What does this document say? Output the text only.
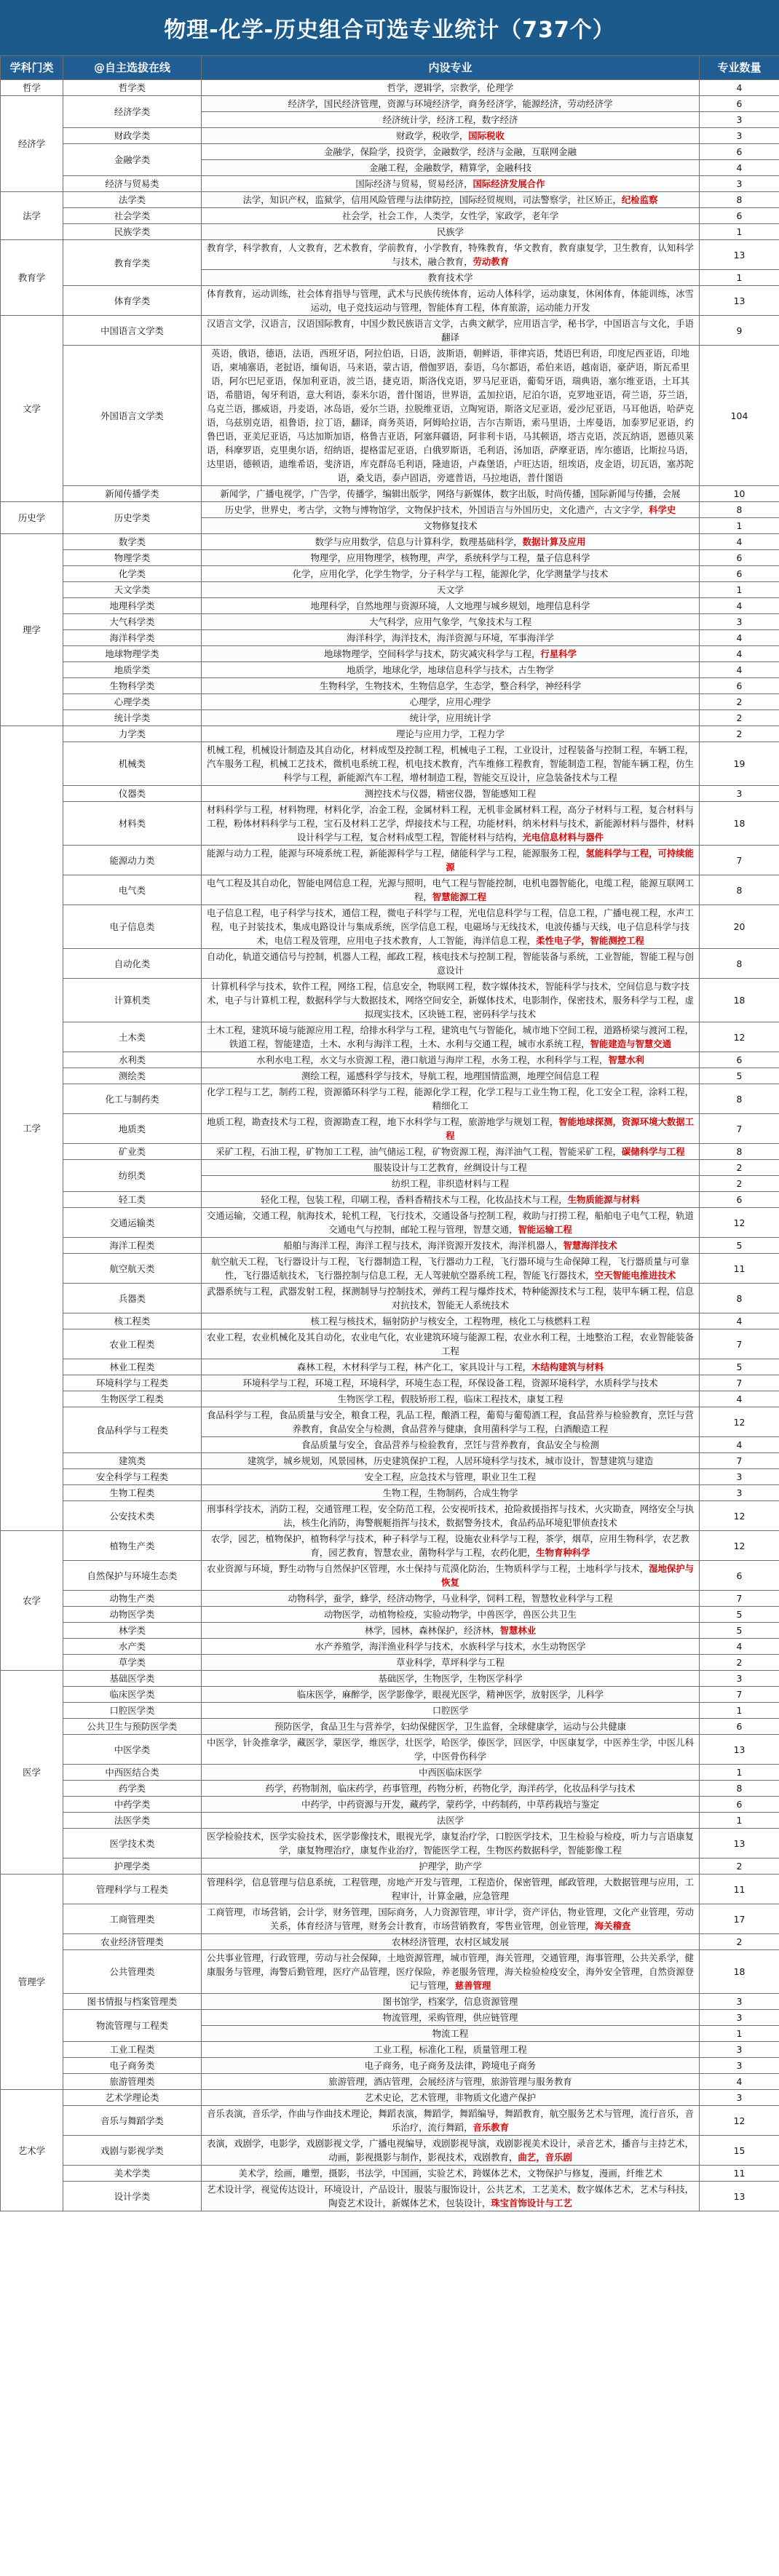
物理-化学-历史组合可选专业统计（737个）
学科门类	@自主选拔在线	内设专业	专业数量
哲学	哲学类	哲学，逻辑学，宗教学，伦理学	4
经济学	经济学类	经济学，国民经济管理，资源与环境经济学，商务经济学，能源经济，劳动经济学	6
		经济统计学，经济工程，数字经济	3
	财政学类	财政学，税收学，国际税收	3
	金融学类	金融学，保险学，投资学，金融数学，经济与金融，互联网金融	6
		金融工程，金融数学，精算学，金融科技	4
	经济与贸易类	国际经济与贸易，贸易经济，国际经济发展合作	3
法学	法学类	法学，知识产权，监狱学，信用风险管理与法律防控，国际经贸规则，司法警察学，社区矫正，纪检监察	8
	社会学类	社会学，社会工作，人类学，女性学，家政学，老年学	6
	民族学类	民族学	1
教育学	教育学类	教育学，科学教育，人文教育，艺术教育，学前教育，小学教育，特殊教育，华文教育，教育康复学，卫生教育，认知科学与技术，融合教育，劳动教育	13
		教育技术学	1
	体育学类	体育教育，运动训练，社会体育指导与管理，武术与民族传统体育，运动人体科学，运动康复，休闲体育，体能训练，冰雪运动，电子竞技运动与管理，智能体育工程，体育旅游，运动能力开发	13
文学	中国语言文学类	汉语言文学，汉语言，汉语国际教育，中国少数民族语言文学，古典文献学，应用语言学，秘书学，中国语言与文化，手语翻译	9
	外国语言文学类	英语，俄语，德语，法语，西班牙语，阿拉伯语，日语，波斯语，朝鲜语，菲律宾语，梵语巴利语，印度尼西亚语，印地语，柬埔寨语，老挝语，缅甸语，马来语，蒙古语，僧伽罗语，泰语，乌尔都语，希伯来语，越南语，豪萨语，斯瓦希里语，阿尔巴尼亚语，保加利亚语，波兰语，捷克语，斯洛伐克语，罗马尼亚语，葡萄牙语，瑞典语，塞尔维亚语，土耳其语，希腊语，匈牙利语，意大利语，泰米尔语，普什图语，世界语，孟加拉语，尼泊尔语，克罗地亚语，荷兰语，芬兰语，乌克兰语，挪威语，丹麦语，冰岛语，爱尔兰语，拉脱维亚语，立陶宛语，斯洛文尼亚语，爱沙尼亚语，马耳他语，哈萨克语，乌兹别克语，祖鲁语，拉丁语，翻译，商务英语，阿姆哈拉语，吉尔吉斯语，索马里语，土库曼语，加泰罗尼亚语，约鲁巴语，亚美尼亚语，马达加斯加语，格鲁吉亚语，阿塞拜疆语，阿非利卡语，马其顿语，塔吉克语，茨瓦纳语，恩德贝莱语，科摩罗语，克里奥尔语，绍纳语，提格雷尼亚语，白俄罗斯语，毛利语，汤加语，萨摩亚语，库尔德语，比斯拉马语，达里语，德顿语，迪维希语，斐济语，库克群岛毛利语，隆迪语，卢森堡语，卢旺达语，纽埃语，皮金语，切瓦语，塞苏陀语，桑戈语，泰卢固语，旁遮普语，马拉地语，普什图语	104
	新闻传播学类	新闻学，广播电视学，广告学，传播学，编辑出版学，网络与新媒体，数字出版，时尚传播，国际新闻与传播，会展	10
历史学	历史学类	历史学，世界史，考古学，文物与博物馆学，文物保护技术，外国语言与外国历史，文化遗产，古文字学，科学史	8
		文物修复技术	1
理学	数学类	数学与应用数学，信息与计算科学，数理基础科学，数据计算及应用	4
	物理学类	物理学，应用物理学，核物理，声学，系统科学与工程，量子信息科学	6
	化学类	化学，应用化学，化学生物学，分子科学与工程，能源化学，化学测量学与技术	6
	天文学类	天文学	1
	地理科学类	地理科学，自然地理与资源环境，人文地理与城乡规划，地理信息科学	4
	大气科学类	大气科学，应用气象学，气象技术与工程	3
	海洋科学类	海洋科学，海洋技术，海洋资源与环境，军事海洋学	4
	地球物理学类	地球物理学，空间科学与技术，防灾减灾科学与工程，行星科学	4
	地质学类	地质学，地球化学，地球信息科学与技术，古生物学	4
	生物科学类	生物科学，生物技术，生物信息学，生态学，整合科学，神经科学	6
	心理学类	心理学，应用心理学	2
	统计学类	统计学，应用统计学	2
工学	力学类	理论与应用力学，工程力学	2
	机械类	机械工程，机械设计制造及其自动化，材料成型及控制工程，机械电子工程，工业设计，过程装备与控制工程，车辆工程，汽车服务工程，机械工艺技术，微机电系统工程，机电技术教育，汽车维修工程教育，智能制造工程，智能车辆工程，仿生科学与工程，新能源汽车工程，增材制造工程，智能交互设计，应急装备技术与工程	19
	仪器类	测控技术与仪器，精密仪器，智能感知工程	3
	材料类	材料科学与工程，材料物理，材料化学，冶金工程，金属材料工程，无机非金属材料工程，高分子材料与工程，复合材料与工程，粉体材料科学与工程，宝石及材料工艺学，焊接技术与工程，功能材料，纳米材料与技术，新能源材料与器件，材料设计科学与工程，复合材料成型工程，智能材料与结构，光电信息材料与器件	18
	能源动力类	能源与动力工程，能源与环境系统工程，新能源科学与工程，储能科学与工程，能源服务工程，氢能科学与工程，可持续能源	7
	电气类	电气工程及其自动化，智能电网信息工程，光源与照明，电气工程与智能控制，电机电器智能化，电缆工程，能源互联网工程，智慧能源工程	8
	电子信息类	电子信息工程，电子科学与技术，通信工程，微电子科学与工程，光电信息科学与工程，信息工程，广播电视工程，水声工程，电子封装技术，集成电路设计与集成系统，医学信息工程，电磁场与无线技术，电波传播与天线，电子信息科学与技术，电信工程及管理，应用电子技术教育，人工智能，海洋信息工程，柔性电子学，智能测控工程	20
	自动化类	自动化，轨道交通信号与控制，机器人工程，邮政工程，核电技术与控制工程，智能装备与系统，工业智能，智能工程与创意设计	8
	计算机类	计算机科学与技术，软件工程，网络工程，信息安全，物联网工程，数字媒体技术，智能科学与技术，空间信息与数字技术，电子与计算机工程，数据科学与大数据技术，网络空间安全，新媒体技术，电影制作，保密技术，服务科学与工程，虚拟现实技术，区块链工程，密码科学与技术	18
	土木类	土木工程，建筑环境与能源应用工程，给排水科学与工程，建筑电气与智能化，城市地下空间工程，道路桥梁与渡河工程，铁道工程，智能建造，土木、水利与海洋工程，土木、水利与交通工程，城市水系统工程，智能建造与智慧交通	12
	水利类	水利水电工程，水文与水资源工程，港口航道与海岸工程，水务工程，水利科学与工程，智慧水利	6
	测绘类	测绘工程，遥感科学与技术，导航工程，地理国情监测，地理空间信息工程	5
	化工与制药类	化学工程与工艺，制药工程，资源循环科学与工程，能源化学工程，化学工程与工业生物工程，化工安全工程，涂料工程，精细化工	8
	地质类	地质工程，勘查技术与工程，资源勘查工程，地下水科学与工程，旅游地学与规划工程，智能地球探测，资源环境大数据工程	7
	矿业类	采矿工程，石油工程，矿物加工工程，油气储运工程，矿物资源工程，海洋油气工程，智能采矿工程，碳储科学与工程	8
	纺织类	服装设计与工艺教育，丝绸设计与工程	2
		纺织工程，非织造材料与工程	2
	轻工类	轻化工程，包装工程，印刷工程，香料香精技术与工程，化妆品技术与工程，生物质能源与材料	6
	交通运输类	交通运输，交通工程，航海技术，轮机工程，飞行技术，交通设备与控制工程，救助与打捞工程，船舶电子电气工程，轨道交通电气与控制，邮轮工程与管理，智慧交通，智能运输工程	12
	海洋工程类	船舶与海洋工程，海洋工程与技术，海洋资源开发技术，海洋机器人，智慧海洋技术	5
	航空航天类	航空航天工程，飞行器设计与工程，飞行器制造工程，飞行器动力工程，飞行器环境与生命保障工程，飞行器质量与可靠性，飞行器适航技术，飞行器控制与信息工程，无人驾驶航空器系统工程，智能飞行器技术，空天智能电推进技术	11
	兵器类	武器系统与工程，武器发射工程，探测制导与控制技术，弹药工程与爆炸技术，特种能源技术与工程，装甲车辆工程，信息对抗技术，智能无人系统技术	8
	核工程类	核工程与核技术，辐射防护与核安全，工程物理，核化工与核燃料工程	4
	农业工程类	农业工程，农业机械化及其自动化，农业电气化，农业建筑环境与能源工程，农业水利工程，土地整治工程，农业智能装备工程	7
	林业工程类	森林工程，木材科学与工程，林产化工，家具设计与工程，木结构建筑与材料	5
	环境科学与工程类	环境科学与工程，环境工程，环境科学，环境生态工程，环保设备工程，资源环境科学，水质科学与技术	7
	生物医学工程类	生物医学工程，假肢矫形工程，临床工程技术，康复工程	4
	食品科学与工程类	食品科学与工程，食品质量与安全，粮食工程，乳品工程，酿酒工程，葡萄与葡萄酒工程，食品营养与检验教育，烹饪与营养教育，食品安全与检测，食品营养与健康，食用菌科学与工程，白酒酿造工程	12
		食品质量与安全，食品营养与检验教育，烹饪与营养教育，食品安全与检测	4
	建筑类	建筑学，城乡规划，风景园林，历史建筑保护工程，人居环境科学与技术，城市设计，智慧建筑与建造	7
	安全科学与工程类	安全工程，应急技术与管理，职业卫生工程	3
	生物工程类	生物工程，生物制药，合成生物学	3
	公安技术类	刑事科学技术，消防工程，交通管理工程，安全防范工程，公安视听技术，抢险救援指挥与技术，火灾勘查，网络安全与执法，核生化消防，海警舰艇指挥与技术，数据警务技术，食品药品环境犯罪侦查技术	12
农学	植物生产类	农学，园艺，植物保护，植物科学与技术，种子科学与工程，设施农业科学与工程，茶学，烟草，应用生物科学，农艺教育，园艺教育，智慧农业，菌物科学与工程，农药化肥，生物育种科学	12
	自然保护与环境生态类	农业资源与环境，野生动物与自然保护区管理，水土保持与荒漠化防治，生物质科学与工程，土地科学与技术，湿地保护与恢复	6
	动物生产类	动物科学，蚕学，蜂学，经济动物学，马业科学，饲料工程，智慧牧业科学与工程	7
	动物医学类	动物医学，动植物检疫，实验动物学，中兽医学，兽医公共卫生	5
	林学类	林学，园林，森林保护，经济林，智慧林业	5
	水产类	水产养殖学，海洋渔业科学与技术，水族科学与技术，水生动物医学	4
	草学类	草业科学，草坪科学与工程	2
医学	基础医学类	基础医学，生物医学，生物医学科学	3
	临床医学类	临床医学，麻醉学，医学影像学，眼视光医学，精神医学，放射医学，儿科学	7
	口腔医学类	口腔医学	1
	公共卫生与预防医学类	预防医学，食品卫生与营养学，妇幼保健医学，卫生监督，全球健康学，运动与公共健康	6
	中医学类	中医学，针灸推拿学，藏医学，蒙医学，维医学，壮医学，哈医学，傣医学，回医学，中医康复学，中医养生学，中医儿科学，中医骨伤科学	13
	中西医结合类	中西医临床医学	1
	药学类	药学，药物制剂，临床药学，药事管理，药物分析，药物化学，海洋药学，化妆品科学与技术	8
	中药学类	中药学，中药资源与开发，藏药学，蒙药学，中药制药，中草药栽培与鉴定	6
	法医学类	法医学	1
	医学技术类	医学检验技术，医学实验技术，医学影像技术，眼视光学，康复治疗学，口腔医学技术，卫生检验与检疫，听力与言语康复学，康复物理治疗，康复作业治疗，智能医学工程，生物医药数据科学，智能影像工程	13
	护理学类	护理学，助产学	2
管理学	管理科学与工程类	管理科学，信息管理与信息系统，工程管理，房地产开发与管理，工程造价，保密管理，邮政管理，大数据管理与应用，工程审计，计算金融，应急管理	11
	工商管理类	工商管理，市场营销，会计学，财务管理，国际商务，人力资源管理，审计学，资产评估，物业管理，文化产业管理，劳动关系，体育经济与管理，财务会计教育，市场营销教育，零售业管理，创业管理，海关稽查	17
	农业经济管理类	农林经济管理，农村区域发展	2
	公共管理类	公共事业管理，行政管理，劳动与社会保障，土地资源管理，城市管理，海关管理，交通管理，海事管理，公共关系学，健康服务与管理，海警后勤管理，医疗产品管理，医疗保险，养老服务管理，海关检验检疫安全，海外安全管理，自然资源登记与管理，慈善管理	18
	图书情报与档案管理类	图书馆学，档案学，信息资源管理	3
	物流管理与工程类	物流管理，采购管理，供应链管理	3
		物流工程	1
	工业工程类	工业工程，标准化工程，质量管理工程	3
	电子商务类	电子商务，电子商务及法律，跨境电子商务	3
	旅游管理类	旅游管理，酒店管理，会展经济与管理，旅游管理与服务教育	4
艺术学	艺术学理论类	艺术史论，艺术管理，非物质文化遗产保护	3
	音乐与舞蹈学类	音乐表演，音乐学，作曲与作曲技术理论，舞蹈表演，舞蹈学，舞蹈编导，舞蹈教育，航空服务艺术与管理，流行音乐，音乐治疗，流行舞蹈，音乐教育	12
	戏剧与影视学类	表演，戏剧学，电影学，戏剧影视文学，广播电视编导，戏剧影视导演，戏剧影视美术设计，录音艺术，播音与主持艺术，动画，影视摄影与制作，影视技术，戏剧教育，曲艺，音乐剧	15
	美术学类	美术学，绘画，雕塑，摄影，书法学，中国画，实验艺术，跨媒体艺术，文物保护与修复，漫画，纤维艺术	11
	设计学类	艺术设计学，视觉传达设计，环境设计，产品设计，服装与服饰设计，公共艺术，工艺美术，数字媒体艺术，艺术与科技，陶瓷艺术设计，新媒体艺术，包装设计，珠宝首饰设计与工艺	13
